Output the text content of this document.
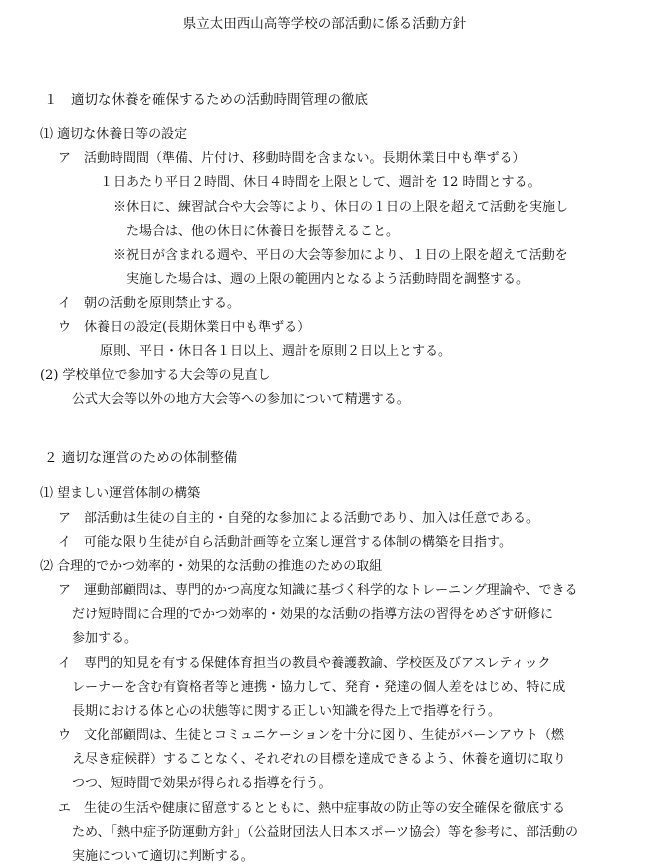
県立太田西山高等学校の部活動に係る活動方針
１　適切な休養を確保するための活動時間管理の徹底
⑴ 適切な休養日等の設定
ア　活動時間間（準備、片付け、移動時間を含まない。長期休業日中も準ずる）
１日あたり平日２時間、休日４時間を上限として、週計を 12 時間とする。
※休日に、練習試合や大会等により、休日の１日の上限を超えて活動を実施し
た場合は、他の休日に休養日を振替えること。
※祝日が含まれる週や、平日の大会等参加により、１日の上限を超えて活動を
実施した場合は、週の上限の範囲内となるよう活動時間を調整する。
イ　朝の活動を原則禁止する。
ウ　休養日の設定(長期休業日中も準ずる）
原則、平日・休日各１日以上、週計を原則２日以上とする。
(2) 学校単位で参加する大会等の見直し
公式大会等以外の地方大会等への参加について精選する。
２ 適切な運営のための体制整備
⑴ 望ましい運営体制の構築
ア　部活動は生徒の自主的・自発的な参加による活動であり、加入は任意である。
イ　可能な限り生徒が自ら活動計画等を立案し運営する体制の構築を目指す。
⑵ 合理的でかつ効率的・効果的な活動の推進のための取組
ア　運動部顧問は、専門的かつ高度な知識に基づく科学的なトレーニング理論や、できる
だけ短時間に合理的でかつ効率的・効果的な活動の指導方法の習得をめざす研修に
参加する。
イ　専門的知見を有する保健体育担当の教員や養護教諭、学校医及びアスレティック
レーナーを含む有資格者等と連携・協力して、発育・発達の個人差をはじめ、特に成
長期における体と心の状態等に関する正しい知識を得た上で指導を行う。
ウ　文化部顧問は、生徒とコミュニケーションを十分に図り、生徒がバーンアウト（燃
え尽き症候群）することなく、それぞれの目標を達成できるよう、休養を適切に取り
つつ、短時間で効果が得られる指導を行う。
エ　生徒の生活や健康に留意するとともに、熱中症事故の防止等の安全確保を徹底する
ため、「熱中症予防運動方針」（公益財団法人日本スポーツ協会）等を参考に、部活動の
実施について適切に判断する。
